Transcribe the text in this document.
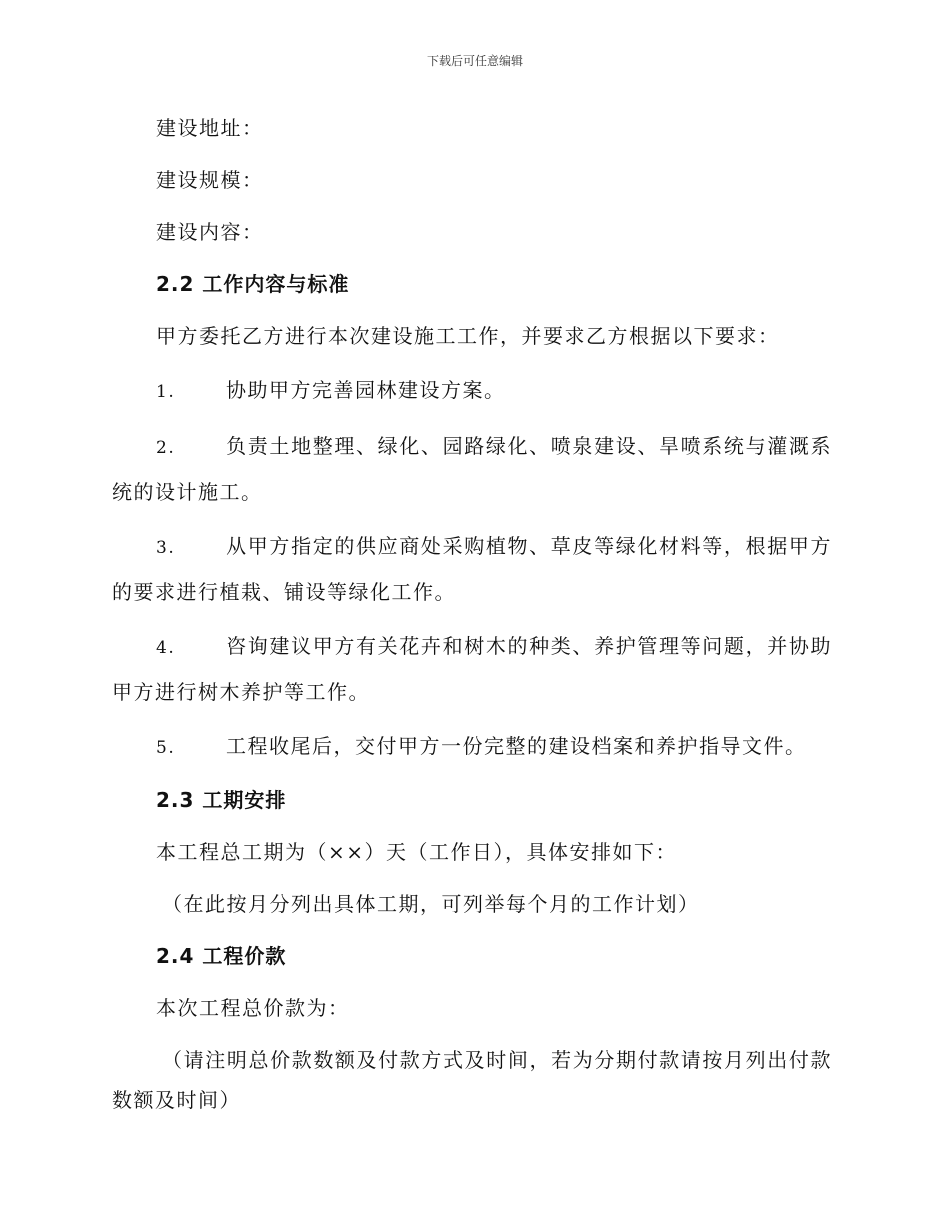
下载后可任意编辑

建设地址：

建设规模：

建设内容：

2.2 工作内容与标准

甲方委托乙方进行本次建设施工工作，并要求乙方根据以下要求：

1.	协助甲方完善园林建设方案。

2.	负责土地整理、绿化、园路绿化、喷泉建设、旱喷系统与灌溉系统的设计施工。

3.	从甲方指定的供应商处采购植物、草皮等绿化材料等，根据甲方的要求进行植栽、铺设等绿化工作。

4.	咨询建议甲方有关花卉和树木的种类、养护管理等问题，并协助甲方进行树木养护等工作。

5.	工程收尾后，交付甲方一份完整的建设档案和养护指导文件。

2.3 工期安排

本工程总工期为（××）天（工作日），具体安排如下：

（在此按月分列出具体工期，可列举每个月的工作计划）

2.4 工程价款

本次工程总价款为：

（请注明总价款数额及付款方式及时间，若为分期付款请按月列出付款数额及时间）
